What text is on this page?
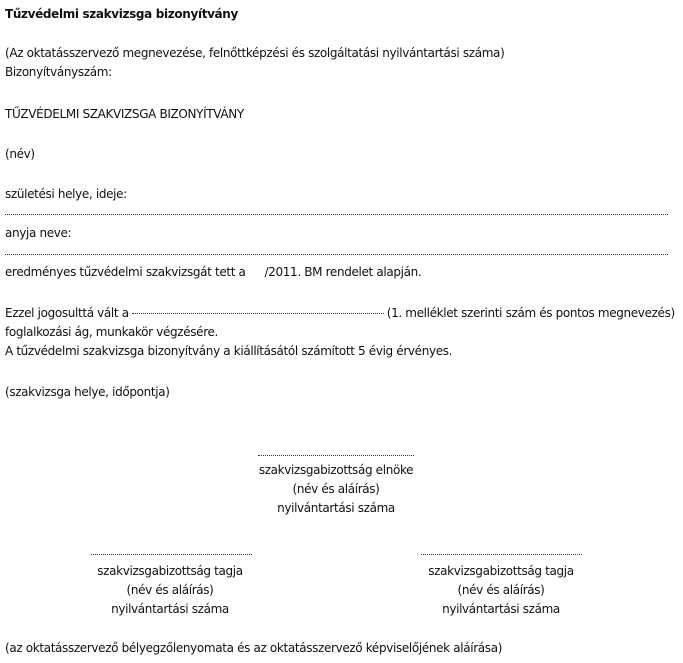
Tűzvédelmi szakvizsga bizonyítvány
(Az oktatásszervező megnevezése, felnőttképzési és szolgáltatási nyilvántartási száma)
Bizonyítványszám:
TŰZVÉDELMI SZAKVIZSGA BIZONYÍTVÁNY
(név)
születési helye, ideje:
anyja neve:
eredményes tűzvédelmi szakvizsgát tett a /2011. BM rendelet alapján.
Ezzel jogosulttá vált a	(1. melléklet szerinti szám és pontos megnevezés)
foglalkozási ág, munkakör végzésére.
A tűzvédelmi szakvizsga bizonyítvány a kiállításától számított 5 évig érvényes.
(szakvizsga helye, időpontja)
szakvizsgabizottság elnöke
(név és aláírás)
nyilvántartási száma
szakvizsgabizottság tagja
(név és aláírás)
nyilvántartási száma
szakvizsgabizottság tagja
(név és aláírás)
nyilvántartási száma
(az oktatásszervező bélyegzőlenyomata és az oktatásszervező képviselőjének aláírása)
